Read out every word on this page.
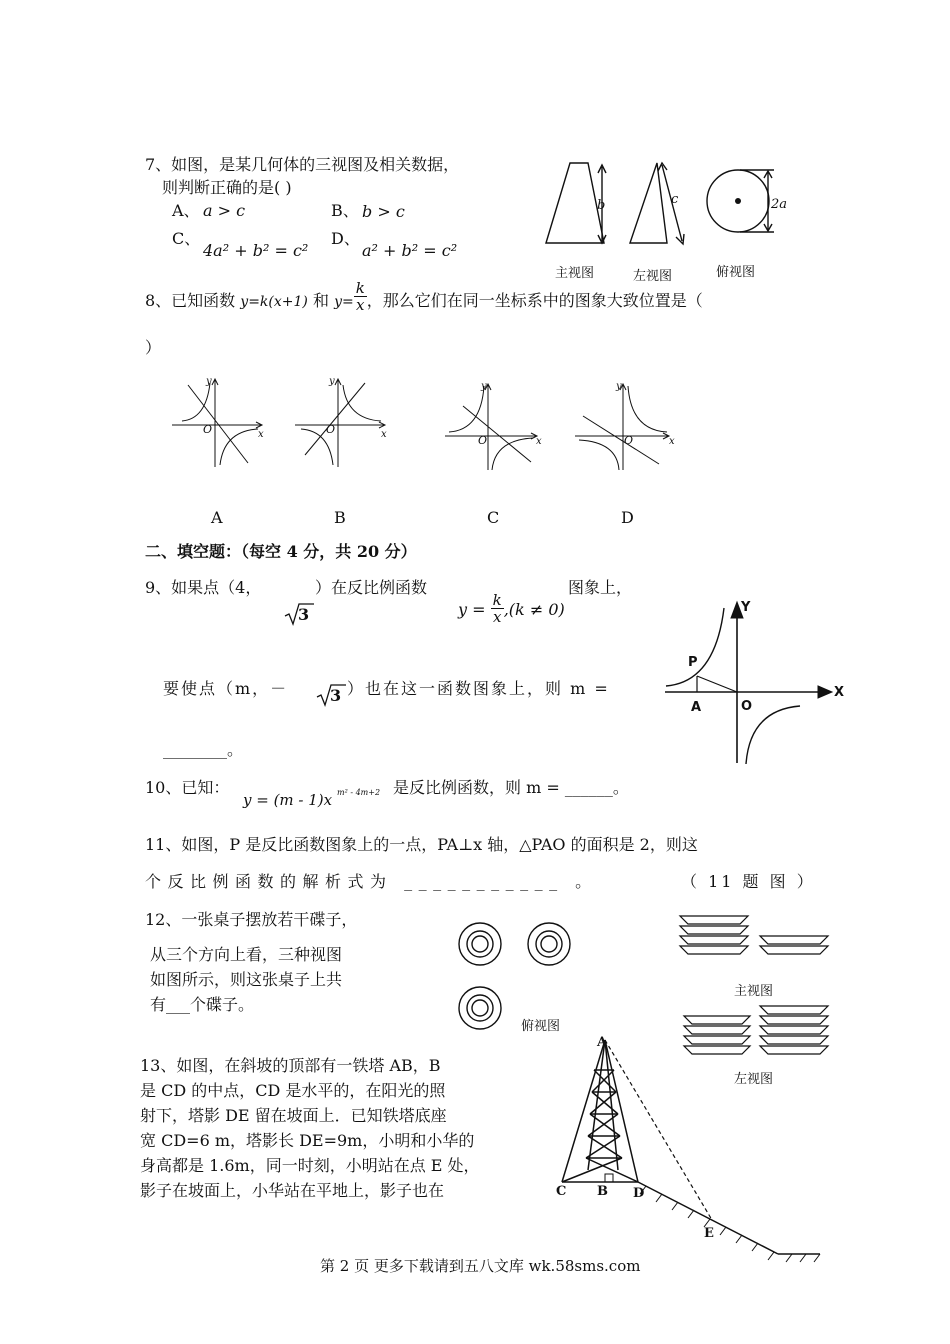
7、如图，是某几何体的三视图及相关数据，
则判断正确的是( )
A、 a > c	B、 b > c
C、
4a² + b² = c²
D、
a² + b² = c²
b	c	2a
主视图	左视图	俯视图
8、已知函数 y=k(x+1) 和 $y= \frac{k}{x}$ ，那么它们在同一坐标系中的图象大致位置是（
）
y
x
O
y
x
O
y
x
O
y
x
O
A	B	C	D
二、填空题：（每空 4 分，共 20 分）
9、如果点（4，	）在反比例函数	图象上，
3	$y = \frac{k}{x} ,(k \ne 0)$
要使点（m，－	3 ）也在这一函数图象上，则 m =
________。
Y
X
P
A	O
10、已知：
y = (m - 1)x m² - 4m+2 是反比例函数，则 m = ______。
11、如图，P 是反比函数图象上的一点，PA⊥x 轴，△PAO 的面积是 2，则这
个反比例函数的解析式为 ___________ 。	（ 11 题 图 ）
12、一张桌子摆放若干碟子，
从三个方向上看，三种视图
如图所示，则这张桌子上共
有___个碟子。
俯视图
主视图
左视图
13、如图，在斜坡的顶部有一铁塔 AB，B
是 CD 的中点，CD 是水平的，在阳光的照
射下，塔影 DE 留在坡面上．已知铁塔底座
宽 CD=6 m，塔影长 DE=9m，小明和小华的
身高都是 1.6m，同一时刻，小明站在点 E 处，
影子在坡面上，小华站在平地上，影子也在
A
B
C	D
E
第 2 页 更多下载请到五八文库 wk.58sms.com
